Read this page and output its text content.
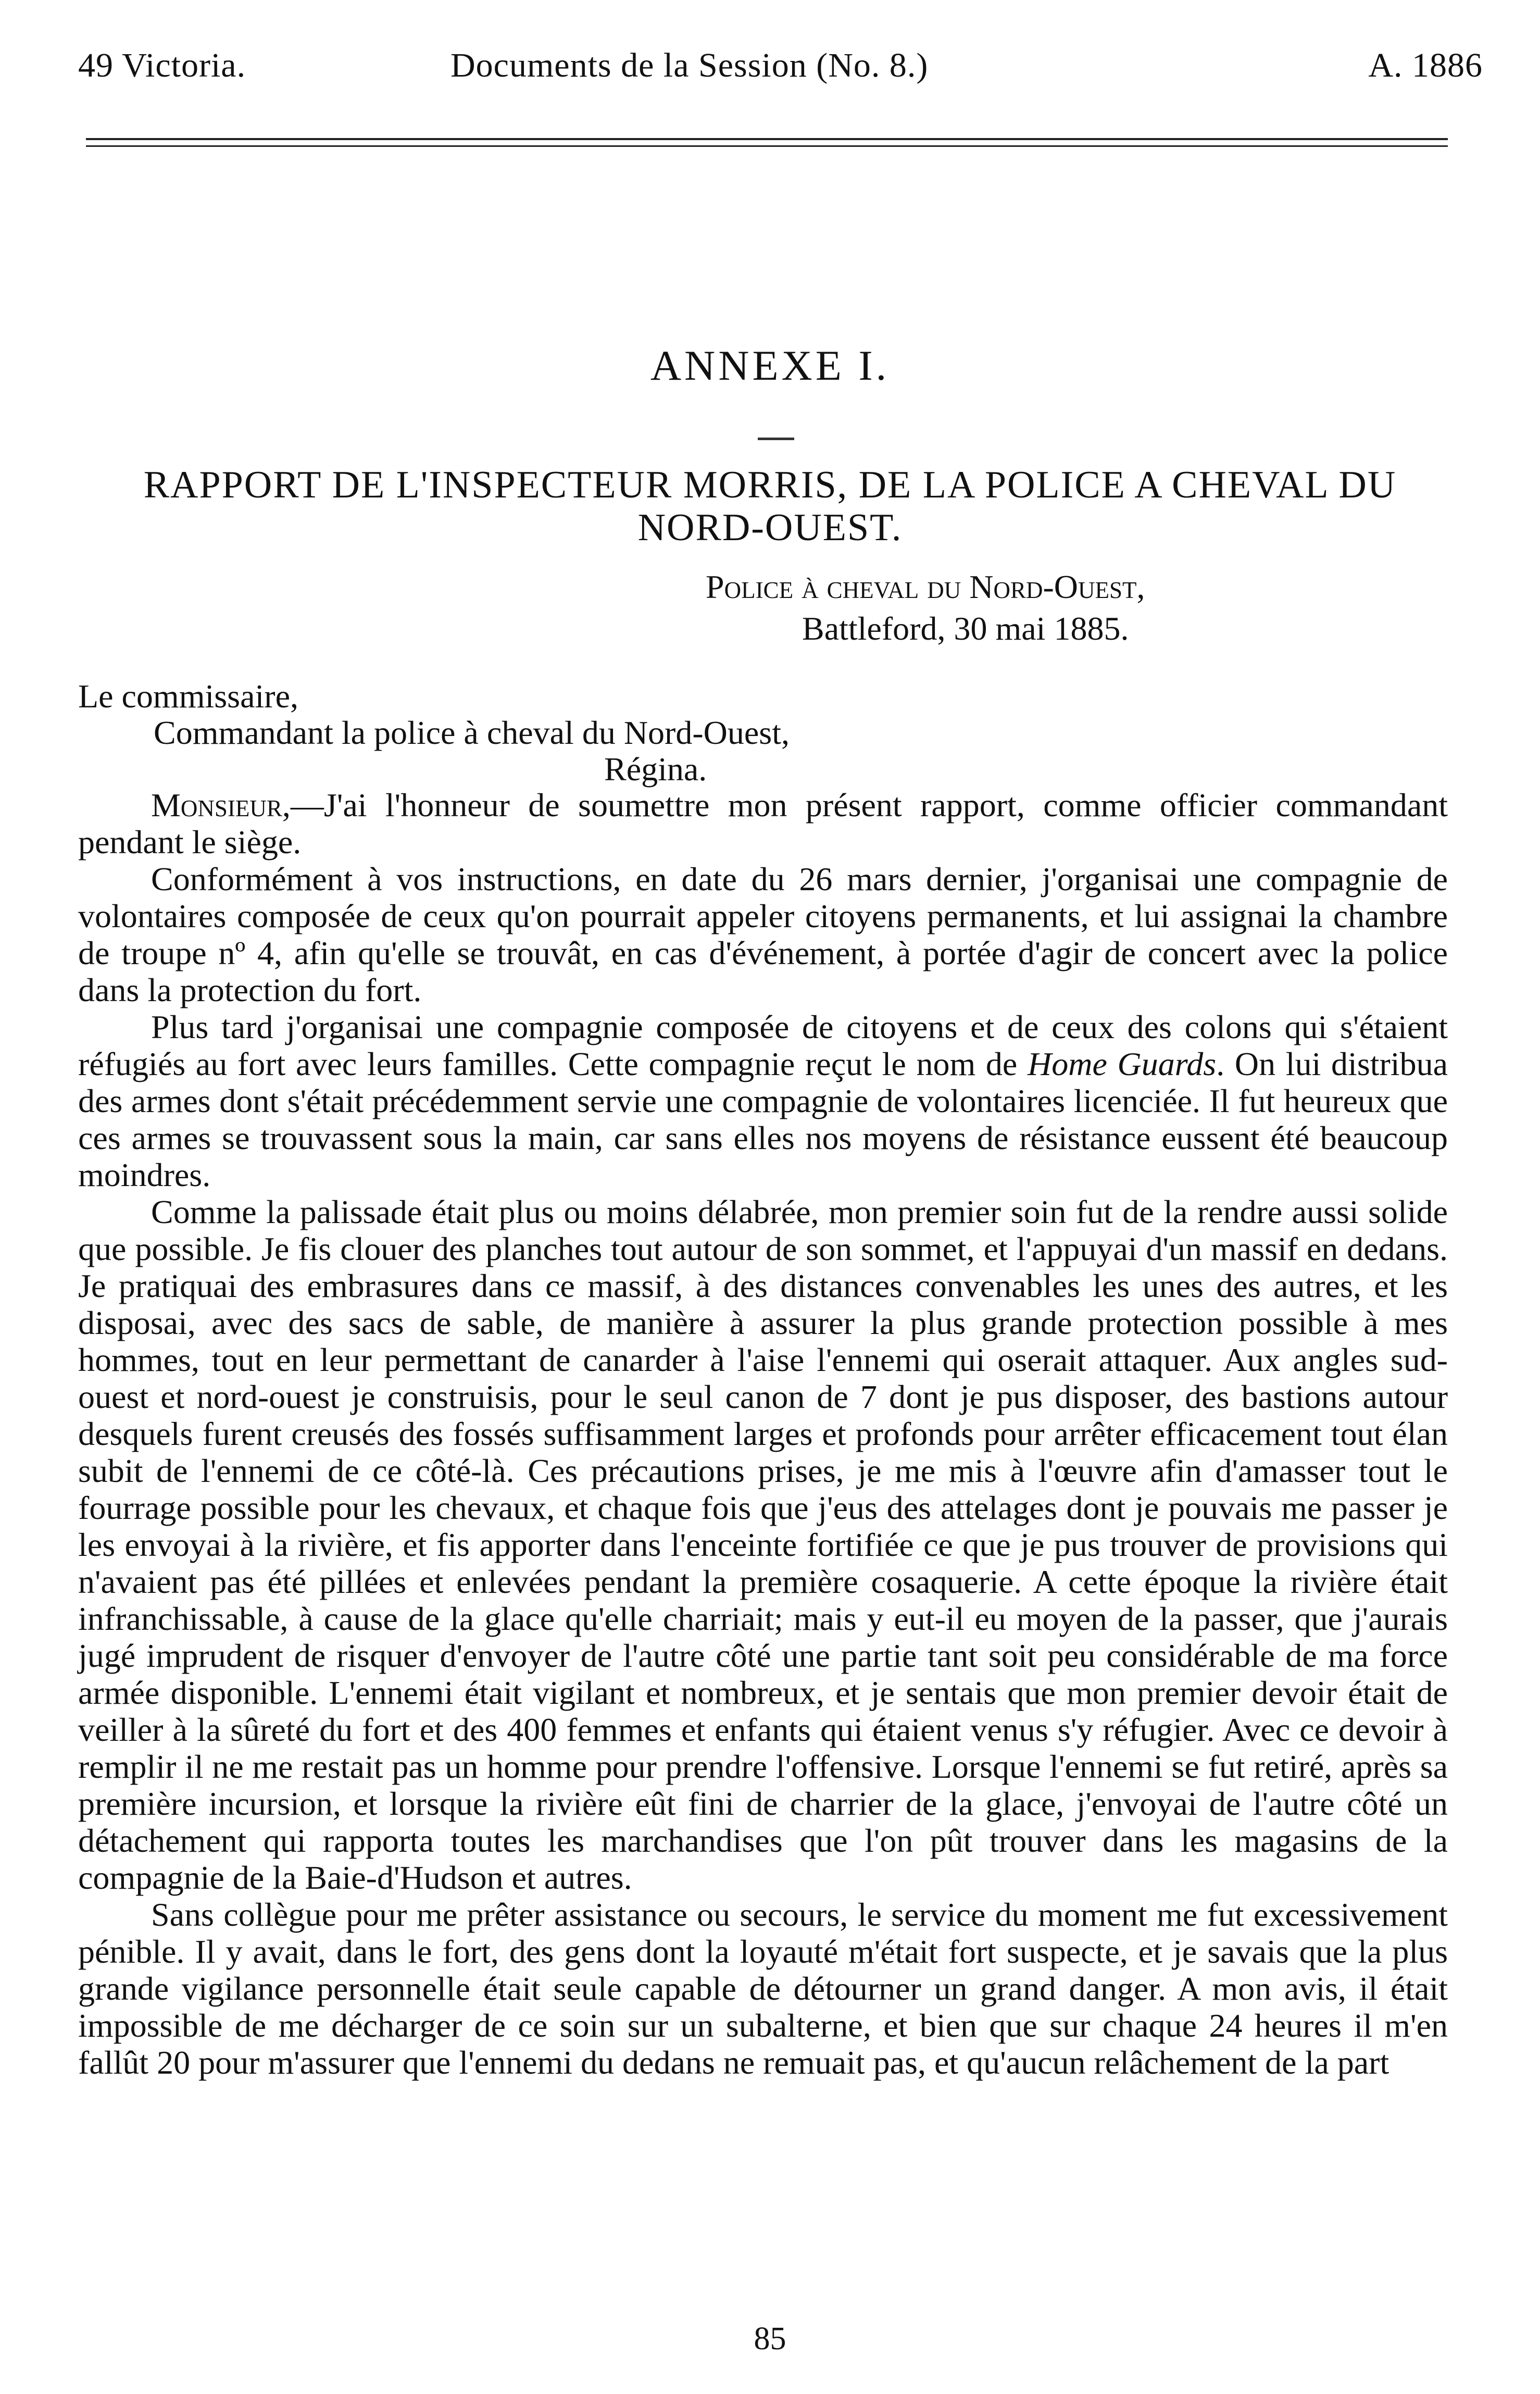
49 Victoria.	Documents de la Session (No. 8.)	A. 1886
ANNEXE I.
RAPPORT DE L'INSPECTEUR MORRIS, DE LA POLICE A CHEVAL DU
NORD-OUEST.
Police à cheval du Nord-Ouest,
Battleford, 30 mai 1885.
Le commissaire,
Commandant la police à cheval du Nord-Ouest,
Régina.

Monsieur,—J'ai l'honneur de soumettre mon présent rapport, comme officier commandant pendant le siège.

Conformément à vos instructions, en date du 26 mars dernier, j'organisai une compagnie de volontaires composée de ceux qu'on pourrait appeler citoyens permanents, et lui assignai la chambre de troupe nº 4, afin qu'elle se trouvât, en cas d'événement, à portée d'agir de concert avec la police dans la protection du fort.

Plus tard j'organisai une compagnie composée de citoyens et de ceux des colons qui s'étaient réfugiés au fort avec leurs familles. Cette compagnie reçut le nom de Home Guards. On lui distribua des armes dont s'était précédemment servie une compagnie de volontaires licenciée. Il fut heureux que ces armes se trouvassent sous la main, car sans elles nos moyens de résistance eussent été beaucoup moindres.

Comme la palissade était plus ou moins délabrée, mon premier soin fut de la rendre aussi solide que possible. Je fis clouer des planches tout autour de son sommet, et l'appuyai d'un massif en dedans. Je pratiquai des embrasures dans ce massif, à des distances convenables les unes des autres, et les disposai, avec des sacs de sable, de manière à assurer la plus grande protection possible à mes hommes, tout en leur permettant de canarder à l'aise l'ennemi qui oserait attaquer. Aux angles sud-ouest et nord-ouest je construisis, pour le seul canon de 7 dont je pus disposer, des bastions autour desquels furent creusés des fossés suffisamment larges et profonds pour arrêter efficacement tout élan subit de l'ennemi de ce côté-là. Ces précautions prises, je me mis à l'œuvre afin d'amasser tout le fourrage possible pour les chevaux, et chaque fois que j'eus des attelages dont je pouvais me passer je les envoyai à la rivière, et fis apporter dans l'enceinte fortifiée ce que je pus trouver de provisions qui n'avaient pas été pillées et enlevées pendant la première cosaquerie. A cette époque la rivière était infranchissable, à cause de la glace qu'elle charriait; mais y eut-il eu moyen de la passer, que j'aurais jugé imprudent de risquer d'envoyer de l'autre côté une partie tant soit peu considérable de ma force armée disponible. L'ennemi était vigilant et nombreux, et je sentais que mon premier devoir était de veiller à la sûreté du fort et des 400 femmes et enfants qui étaient venus s'y réfugier. Avec ce devoir à remplir il ne me restait pas un homme pour prendre l'offensive. Lorsque l'ennemi se fut retiré, après sa première incursion, et lorsque la rivière eût fini de charrier de la glace, j'envoyai de l'autre côté un détachement qui rapporta toutes les marchandises que l'on pût trouver dans les magasins de la compagnie de la Baie-d'Hudson et autres.

Sans collègue pour me prêter assistance ou secours, le service du moment me fut excessivement pénible. Il y avait, dans le fort, des gens dont la loyauté m'était fort suspecte, et je savais que la plus grande vigilance personnelle était seule capable de détourner un grand danger. A mon avis, il était impossible de me décharger de ce soin sur un subalterne, et bien que sur chaque 24 heures il m'en fallût 20 pour m'assurer que l'ennemi du dedans ne remuait pas, et qu'aucun relâchement de la part

85
